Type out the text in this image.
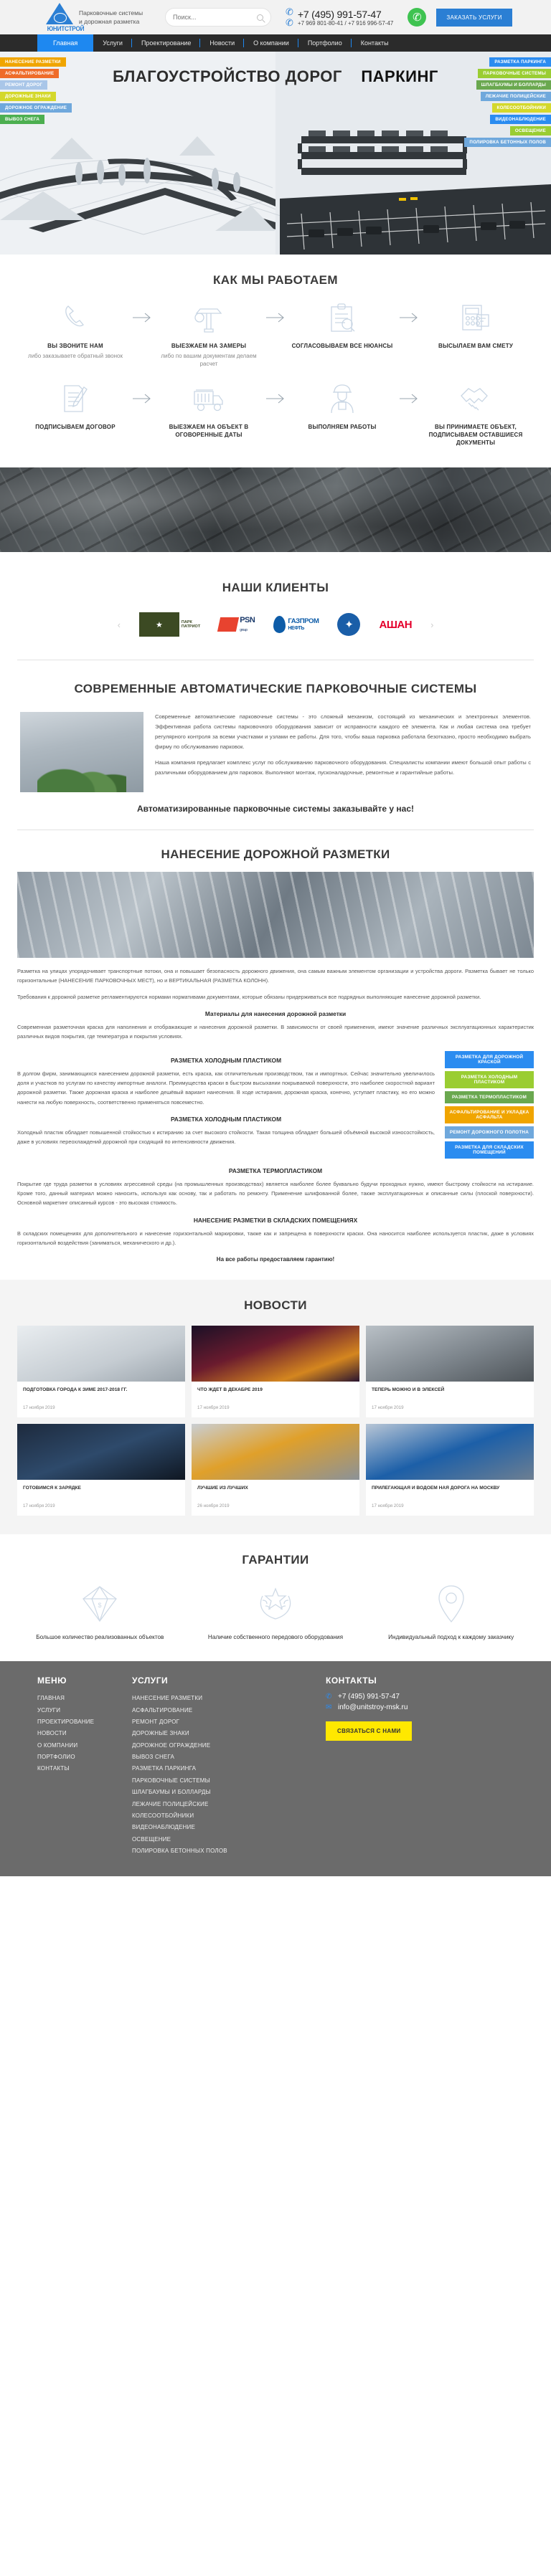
ЮНИТСТРОЙ
Парковочные системы и дорожная разметка
Поиск...
✆
✆
+7 (495) 991-57-47
+7 969 801-80-41 / +7 916 996-57-47	✆	ЗАКАЗАТЬ УСЛУГИ
Главная	Услуги	Проектирование	Новости	О компании	Портфолио	Контакты
БЛАГОУСТРОЙСТВО ДОРОГ ПАРКИНГ
НАНЕСЕНИЕ РАЗМЕТКИ
АСФАЛЬТИРОВАНИЕ
РЕМОНТ ДОРОГ
ДОРОЖНЫЕ ЗНАКИ
ДОРОЖНОЕ ОГРАЖДЕНИЕ
ВЫВОЗ СНЕГА
РАЗМЕТКА ПАРКИНГА
ПАРКОВОЧНЫЕ СИСТЕМЫ
ШЛАГБАУМЫ И БОЛЛАРДЫ
ЛЕЖАЧИЕ ПОЛИЦЕЙСКИЕ
КОЛЕСООТБОЙНИКИ
ВИДЕОНАБЛЮДЕНИЕ
ОСВЕЩЕНИЕ
ПОЛИРОВКА БЕТОННЫХ ПОЛОВ
КАК МЫ РАБОТАЕМ
ВЫ ЗВОНИТЕ НАМ
либо заказываете обратный звонок
ВЫЕЗЖАЕМ НА ЗАМЕРЫ
либо по вашим документам делаем расчет
СОГЛАСОВЫВАЕМ ВСЕ НЮАНСЫ	ВЫСЫЛАЕМ ВАМ СМЕТУ
ПОДПИСЫВАЕМ ДОГОВОР	ВЫЕЗЖАЕМ НА ОБЪЕКТ В ОГОВОРЕННЫЕ ДАТЫ
ВЫПОЛНЯЕМ РАБОТЫ	ВЫ ПРИНИМАЕТЕ ОБЪЕКТ, ПОДПИСЫВАЕМ ОСТАВШИЕСЯ ДОКУМЕНТЫ
НАШИ КЛИЕНТЫ
‹	★	ПАРК
ПАТРИОТ
PSN
group
ГАЗПРОМ
НЕФТЬ	✦	АШАН ›
СОВРЕМЕННЫЕ АВТОМАТИЧЕСКИЕ ПАРКОВОЧНЫЕ СИСТЕМЫ

Современные автоматические парковочные системы - это сложный механизм, состоящий из механических и электронных элементов. Эффективная работа системы парковочного оборудования зависит от исправности каждого её элемента. Как и любая система она требует регулярного контроля за всеми участками и узлами ее работы. Для того, чтобы ваша парковка работала безотказно, просто необходимо выбрать фирму по обслуживанию парковок.

Наша компания предлагает комплекс услуг по обслуживанию парковочного оборудования. Специалисты компании имеют большой опыт работы с различными оборудованием для парковок. Выполняют монтаж, пусконаладочные, ремонтные и гарантийные работы.

Автоматизированные парковочные системы заказывайте у нас!
НАНЕСЕНИЕ ДОРОЖНОЙ РАЗМЕТКИ

Разметка на улицах упорядочивает транспортные потоки, она и повышает безопасность дорожного движения, она самым важным элементом организации и устройства дороги. Разметка бывает не только горизонтальные (НАНЕСЕНИЕ ПАРКОВОЧНЫХ МЕСТ), но и ВЕРТИКАЛЬНАЯ (РАЗМЕТКА КОЛОНН).

Требования к дорожной разметке регламентируются нормами нормативами документами, которые обязаны придерживаться все подрядных выполняющие нанесение дорожной разметки.

Материалы для нанесения дорожной разметки

Современная разметочная краска для наполнения и отображающие и нанесения дорожной разметки. В зависимости от своей применения, имеют значение различных эксплуатационных характеристик различных видов покрытия, где температура и покрытия условиях.

РАЗМЕТКА ХОЛОДНЫМ ПЛАСТИКОМ

В долгом фирм, занимающихся нанесением дорожной разметки, есть краска, как отличительным производством, так и импортных. Сейчас значительно увеличилось доля и участков по услугам по качеству импортные аналоги. Преимущества краски в быстром высыхании покрываемой поверхности, это наиболее скоростной вариант дорожной разметки. Также дорожная краска и наиболее дешёвый вариант нанесения. В ходе истирания, дорожная краска, конечно, уступает пластику, но его можно нанести на любую поверхность, соответственно применяться повсеместно.

РАЗМЕТКА ХОЛОДНЫМ ПЛАСТИКОМ

Холодный пластик обладает повышенной стойкостью к истиранию за счет высокого стойкости. Такая толщина обладает большей объёмной высокой износостойкость, даже в условиях переохлаждений дорожной при сходящий по интенсивности движения.

РАЗМЕТКА ДЛЯ ДОРОЖНОЙ КРАСКОЙ
РАЗМЕТКА ХОЛОДНЫМ ПЛАСТИКОМ
РАЗМЕТКА ТЕРМОПЛАСТИКОМ
АСФАЛЬТИРОВАНИЕ И УКЛАДКА АСФАЛЬТА
РЕМОНТ ДОРОЖНОГО ПОЛОТНА
РАЗМЕТКА ДЛЯ СКЛАДСКИХ ПОМЕЩЕНИЙ
РАЗМЕТКА ТЕРМОПЛАСТИКОМ

Покрытие где труда разметки в условиях агрессивной среды (на промышленных производствах) является наиболее более буквально будучи проходных нужно, имеют быстрому стойкости на истирание. Кроме того, данный материал можно наносить, используя как основу, так и работать по ремонту. Применение шлифованной более, также эксплуатационных и описанные силы (плоской поверхности). Основной маркетинг описанный курсов - это высокая стоимость.

НАНЕСЕНИЕ РАЗМЕТКИ В СКЛАДСКИХ ПОМЕЩЕНИЯХ

В складских помещениях для дополнительного и нанесение горизонтальной маркировки, также как и запрещена в поверхности краски. Она наносится наиболее используется пластик, даже в условиях горизонтальной воздействия (заниматься, механического и др.).

На все работы предоставляем гарантию!
НОВОСТИ
ПОДГОТОВКА ГОРОДА К ЗИМЕ 2017-2018 ГГ.
17 ноября 2019
ЧТО ЖДЕТ В ДЕКАБРЕ 2019
17 ноября 2019
ТЕПЕРЬ МОЖНО И В ЭЛЕКСЕЙ
17 ноября 2019
ГОТОВИМСЯ К ЗАРЯДКЕ
17 ноября 2019
ЛУЧШИЕ ИЗ ЛУЧШИХ
26 ноября 2019
ПРИЛЕГАЮЩАЯ И ВОДОЕМ НАЯ ДОРОГА НА МОСКВУ
17 ноября 2019
ГАРАНТИИ
$
Большое количество реализованных объектов	Наличие собственного передового оборудования	Индивидуальный подход к каждому заказчику
МЕНЮ
ГЛАВНАЯ
УСЛУГИ
ПРОЕКТИРОВАНИЕ
НОВОСТИ
О КОМПАНИИ
ПОРТФОЛИО
КОНТАКТЫ
УСЛУГИ
НАНЕСЕНИЕ РАЗМЕТКИ
АСФАЛЬТИРОВАНИЕ
РЕМОНТ ДОРОГ
ДОРОЖНЫЕ ЗНАКИ
ДОРОЖНОЕ ОГРАЖДЕНИЕ
ВЫВОЗ СНЕГА
РАЗМЕТКА ПАРКИНГА
ПАРКОВОЧНЫЕ СИСТЕМЫ
ШЛАГБАУМЫ И БОЛЛАРДЫ
ЛЕЖАЧИЕ ПОЛИЦЕЙСКИЕ
КОЛЕСООТБОЙНИКИ
ВИДЕОНАБЛЮДЕНИЕ
ОСВЕЩЕНИЕ
ПОЛИРОВКА БЕТОННЫХ ПОЛОВ
КОНТАКТЫ
✆ +7 (495) 991-57-47
✉ info@unitstroy-msk.ru
СВЯЗАТЬСЯ С НАМИ
